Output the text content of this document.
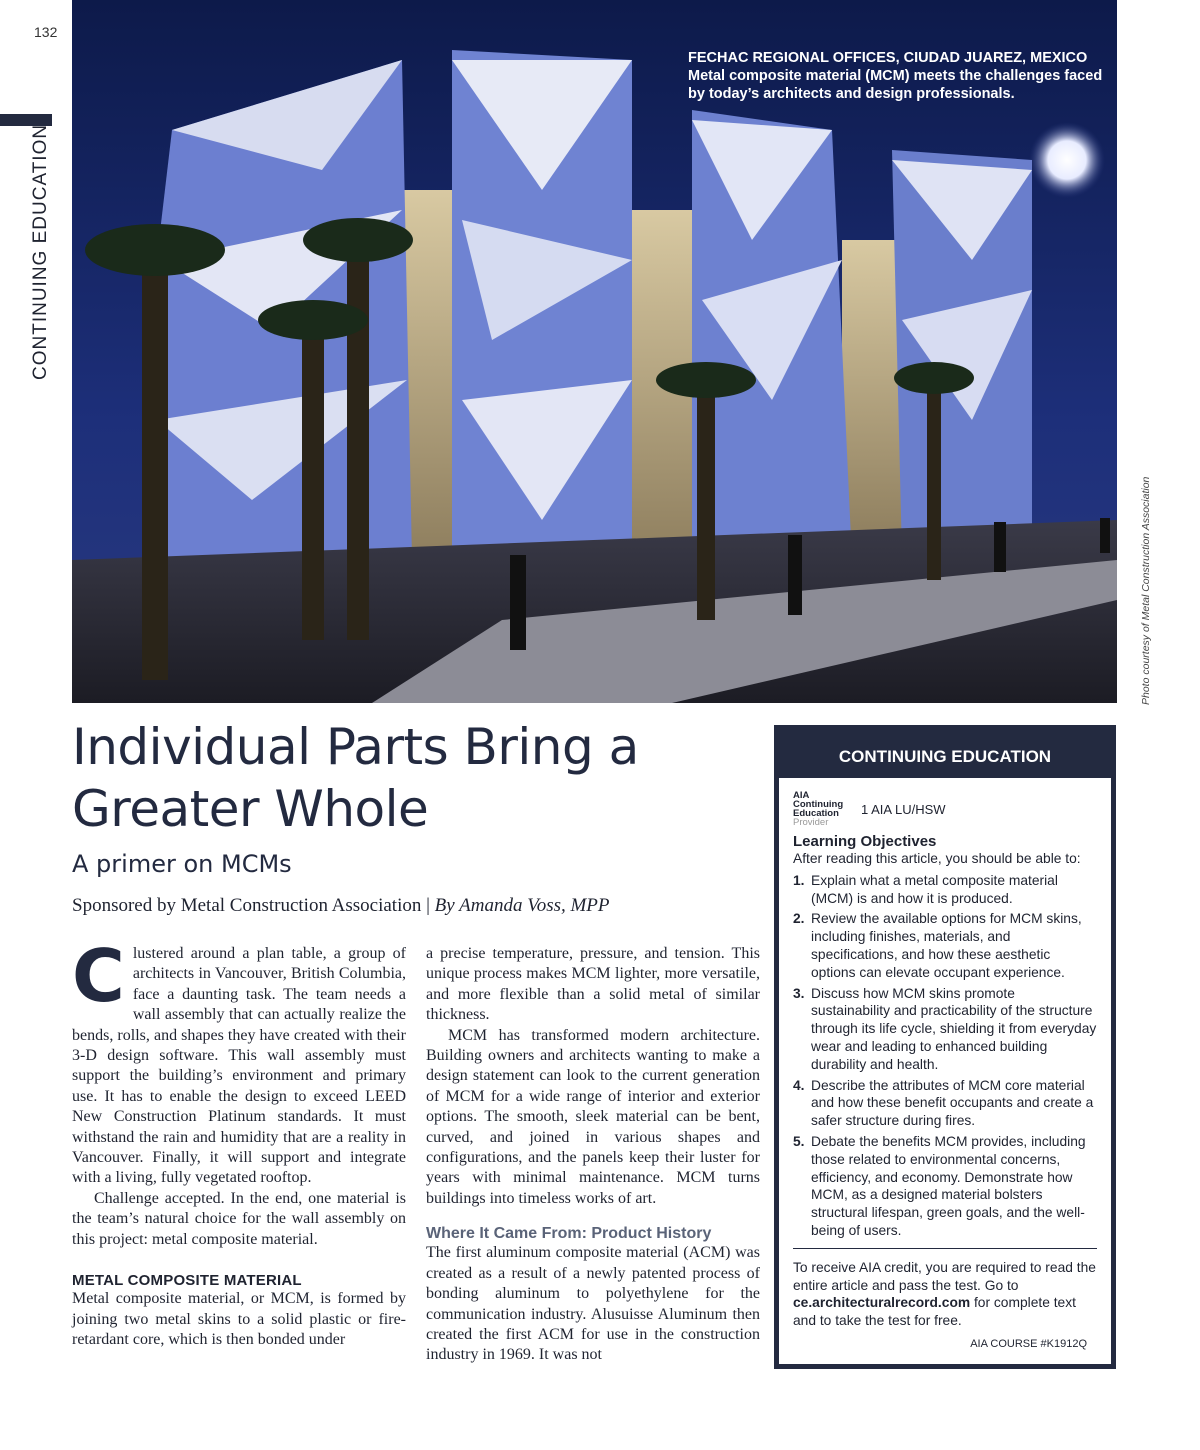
132
CONTINUING EDUCATION
FECHAC REGIONAL OFFICES, CIUDAD JUAREZ, MEXICO
Metal composite material (MCM) meets the challenges faced by today’s architects and design professionals.
Photo courtesy of Metal Construction Association
Individual Parts Bring a Greater Whole
A primer on MCMs
Sponsored by Metal Construction Association | By Amanda Voss, MPP

Clustered around a plan table, a group of architects in Vancouver, British Columbia, face a daunting task. The team needs a wall assembly that can actually realize the bends, rolls, and shapes they have created with their 3-D design software. This wall assembly must support the building’s environment and primary use. It has to enable the design to exceed LEED New Construction Platinum standards. It must withstand the rain and humidity that are a reality in Vancouver. Finally, it will support and integrate with a living, fully vegetated rooftop.

Challenge accepted. In the end, one material is the team’s natural choice for the wall assembly on this project: metal composite material.

METAL COMPOSITE MATERIAL

Metal composite material, or MCM, is formed by joining two metal skins to a solid plastic or fire-retardant core, which is then bonded under

a precise temperature, pressure, and tension. This unique process makes MCM lighter, more versatile, and more flexible than a solid metal of similar thickness.

MCM has transformed modern architecture. Building owners and architects wanting to make a design statement can look to the current generation of MCM for a wide range of interior and exterior options. The smooth, sleek material can be bent, curved, and joined in various shapes and configurations, and the panels keep their luster for years with minimal maintenance. MCM turns buildings into timeless works of art.

Where It Came From: Product History

The first aluminum composite material (ACM) was created as a result of a newly patented process of bonding aluminum to polyethylene for the communication industry. Alusuisse Aluminum then created the first ACM for use in the construction industry in 1969. It was not

CONTINUING EDUCATION
AIA
Continuing
Education
Provider
1 AIA LU/HSW
Learning Objectives

After reading this article, you should be able to:

1. Explain what a metal composite material (MCM) is and how it is produced.
2. Review the available options for MCM skins, including finishes, materials, and specifications, and how these aesthetic options can elevate occupant experience.
3. Discuss how MCM skins promote sustainability and practicability of the structure through its life cycle, shielding it from everyday wear and leading to enhanced building durability and health.
4. Describe the attributes of MCM core material and how these benefit occupants and create a safer structure during fires.
5. Debate the benefits MCM provides, including those related to environmental concerns, efficiency, and economy. Demonstrate how MCM, as a designed material bolsters structural lifespan, green goals, and the well-being of users.
To receive AIA credit, you are required to read the entire article and pass the test. Go to ce.architecturalrecord.com for complete text and to take the test for free.
AIA COURSE #K1912Q
